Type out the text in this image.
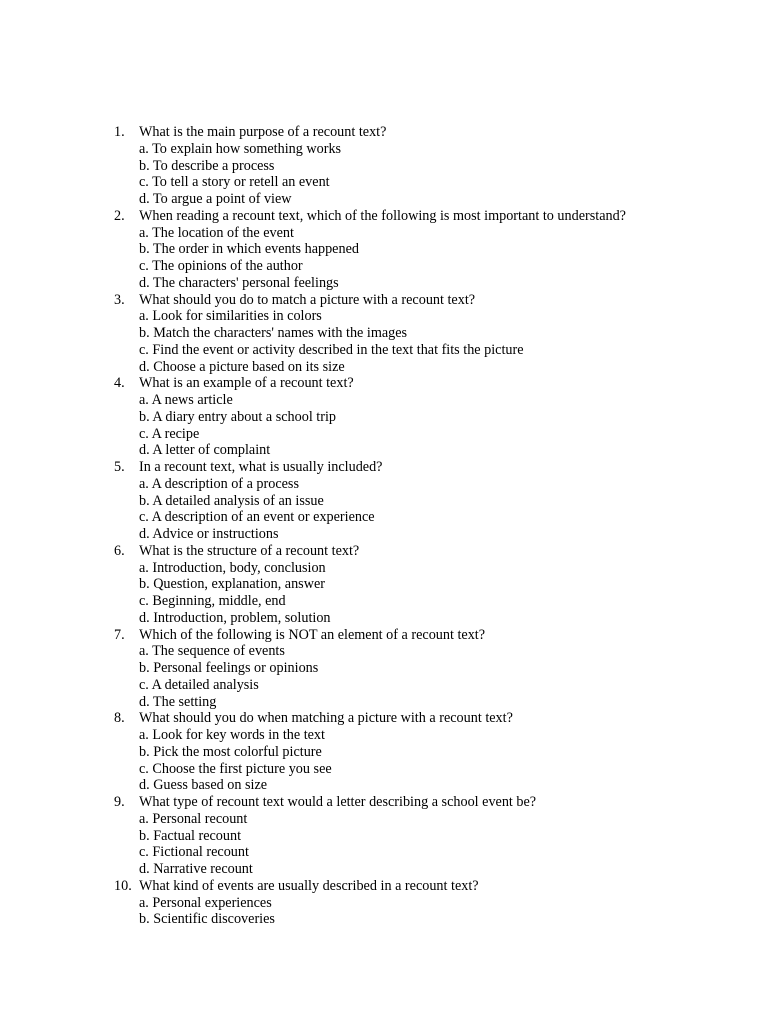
1.	What is the main purpose of a recount text?
a. To explain how something works
b. To describe a process
c. To tell a story or retell an event
d. To argue a point of view
2.	When reading a recount text, which of the following is most important to understand?
a. The location of the event
b. The order in which events happened
c. The opinions of the author
d. The characters' personal feelings
3.	What should you do to match a picture with a recount text?
a. Look for similarities in colors
b. Match the characters' names with the images
c. Find the event or activity described in the text that fits the picture
d. Choose a picture based on its size
4.	What is an example of a recount text?
a. A news article
b. A diary entry about a school trip
c. A recipe
d. A letter of complaint
5.	In a recount text, what is usually included?
a. A description of a process
b. A detailed analysis of an issue
c. A description of an event or experience
d. Advice or instructions
6.	What is the structure of a recount text?
a. Introduction, body, conclusion
b. Question, explanation, answer
c. Beginning, middle, end
d. Introduction, problem, solution
7.	Which of the following is NOT an element of a recount text?
a. The sequence of events
b. Personal feelings or opinions
c. A detailed analysis
d. The setting
8.	What should you do when matching a picture with a recount text?
a. Look for key words in the text
b. Pick the most colorful picture
c. Choose the first picture you see
d. Guess based on size
9.	What type of recount text would a letter describing a school event be?
a. Personal recount
b. Factual recount
c. Fictional recount
d. Narrative recount
10. What kind of events are usually described in a recount text?
a. Personal experiences
b. Scientific discoveries
